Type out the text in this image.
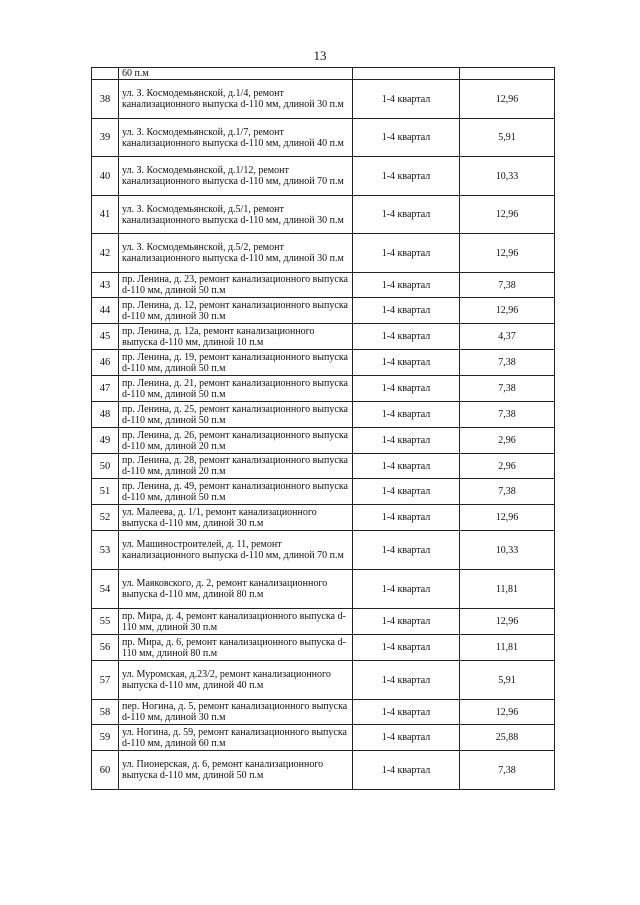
13
	60 п.м		
38	ул. З. Космодемьянской, д.1/4, ремонт канализационного выпуска d-110 мм, длиной 30 п.м	1-4 квартал	12,96
39	ул. З. Космодемьянской, д.1/7, ремонт канализационного выпуска d-110 мм, длиной 40 п.м	1-4 квартал	5,91
40	ул. З. Космодемьянской, д.1/12, ремонт канализационного выпуска d-110 мм, длиной 70 п.м	1-4 квартал	10,33
41	ул. З. Космодемьянской, д.5/1, ремонт канализационного выпуска d-110 мм, длиной 30 п.м	1-4 квартал	12,96
42	ул. З. Космодемьянской, д.5/2, ремонт канализационного выпуска d-110 мм, длиной 30 п.м	1-4 квартал	12,96
43	пр. Ленина, д. 23, ремонт канализационного выпуска d-110 мм, длиной 50 п.м	1-4 квартал	7,38
44	пр. Ленина, д. 12, ремонт канализационного выпуска d-110 мм, длиной 30 п.м	1-4 квартал	12,96
45	пр. Ленина, д. 12а, ремонт канализационного выпуска d-110 мм, длиной 10 п.м	1-4 квартал	4,37
46	пр. Ленина, д. 19, ремонт канализационного выпуска d-110 мм, длиной 50 п.м	1-4 квартал	7,38
47	пр. Ленина, д. 21, ремонт канализационного выпуска d-110 мм, длиной 50 п.м	1-4 квартал	7,38
48	пр. Ленина, д. 25, ремонт канализационного выпуска d-110 мм, длиной 50 п.м	1-4 квартал	7,38
49	пр. Ленина, д. 26, ремонт канализационного выпуска d-110 мм, длиной 20 п.м	1-4 квартал	2,96
50	пр. Ленина, д. 28, ремонт канализационного выпуска d-110 мм, длиной 20 п.м	1-4 квартал	2,96
51	пр. Ленина, д. 49, ремонт канализационного выпуска d-110 мм, длиной 50 п.м	1-4 квартал	7,38
52	ул. Малеева, д. 1/1, ремонт канализационного выпуска d-110 мм, длиной 30 п.м	1-4 квартал	12,96
53	ул. Машиностроителей, д. 11, ремонт канализационного выпуска d-110 мм, длиной 70 п.м	1-4 квартал	10,33
54	ул. Маяковского, д. 2, ремонт канализационного выпуска d-110 мм, длиной 80 п.м	1-4 квартал	11,81
55	пр. Мира, д. 4, ремонт канализационного выпуска d-110 мм, длиной 30 п.м	1-4 квартал	12,96
56	пр. Мира, д. 6, ремонт канализационного выпуска d-110 мм, длиной 80 п.м	1-4 квартал	11,81
57	ул. Муромская, д.23/2, ремонт канализационного выпуска d-110 мм, длиной 40 п.м	1-4 квартал	5,91
58	пер. Ногина, д. 5, ремонт канализационного выпуска d-110 мм, длиной 30 п.м	1-4 квартал	12,96
59	ул. Ногина, д. 59, ремонт канализационного выпуска d-110 мм, длиной 60 п.м	1-4 квартал	25,88
60	ул. Пионерская, д. 6, ремонт канализационного выпуска d-110 мм, длиной 50 п.м	1-4 квартал	7,38
